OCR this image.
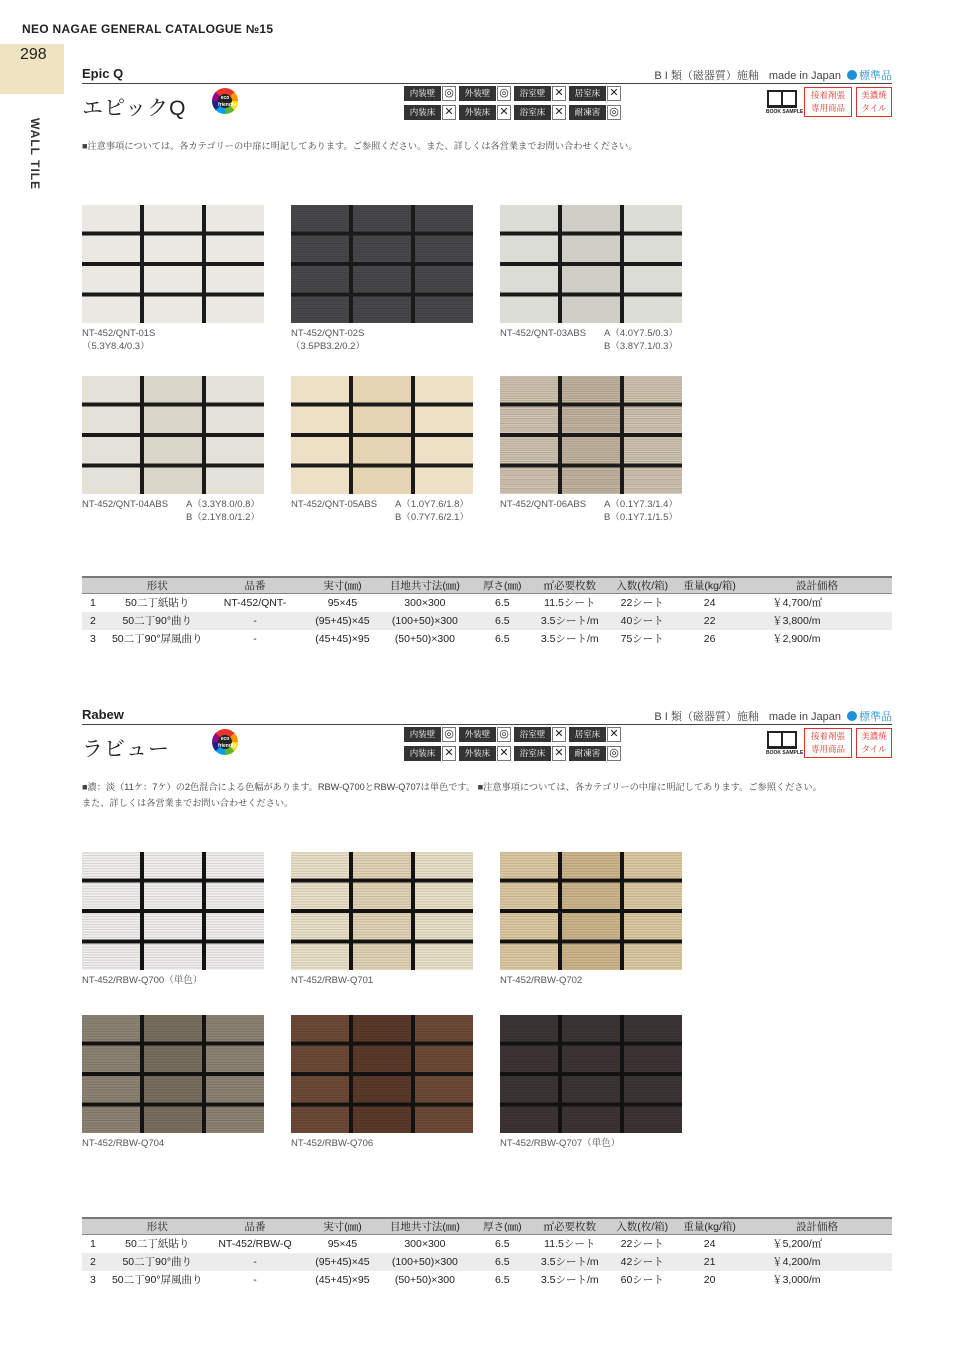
NEO NAGAE GENERAL CATALOGUE №15
298
WALL TILE
Epic Q	B I 類（磁器質）施釉 made in Japan 標準品
エピックQ	eco
friendly
内装壁 ◎	外装壁 ◎	浴室壁 ✕	居室床 ✕
内装床 ✕	外装床 ✕	浴室床 ✕	耐凍害 ◎	BOOK SAMPLE
接着剤張
専用商品
美濃焼
タイル
■注意事項については、各カテゴリーの中扉に明記してあります。ご参照ください。また、詳しくは各営業までお問い合わせください。
NT-452/QNT-01S
（5.3Y8.4/0.3）
NT-452/QNT-02S
（3.5PB3.2/0.2）
NT-452/QNT-03ABS A（4.0Y7.5/0.3）
B（3.8Y7.1/0.3）
NT-452/QNT-04ABS A（3.3Y8.0/0.8）
B（2.1Y8.0/1.2）
NT-452/QNT-05ABS A（1.0Y7.6/1.8）
B（0.7Y7.6/2.1）
NT-452/QNT-06ABS A（0.1Y7.3/1.4）
B（0.1Y7.1/1.5）
	形状	品番	実寸(㎜)	目地共寸法(㎜)	厚さ(㎜)	㎡必要枚数	入数(枚/箱)	重量(kg/箱)	設計価格
1	50二丁紙貼り	NT-452/QNT-	95×45	300×300	6.5	11.5シート	22シート	24	￥4,700/㎡
2	50二丁90°曲り	-	(95+45)×45	(100+50)×300	6.5	3.5シート/m	40シート	22	￥3,800/m
3	50二丁90°屏風曲り	-	(45+45)×95	(50+50)×300	6.5	3.5シート/m	75シート	26	￥2,900/m
Rabew	B I 類（磁器質）施釉 made in Japan 標準品
ラビュー	eco
friendly
内装壁 ◎	外装壁 ◎	浴室壁 ✕	居室床 ✕
内装床 ✕	外装床 ✕	浴室床 ✕	耐凍害 ◎	BOOK SAMPLE
接着剤張
専用商品
美濃焼
タイル
■濃：淡（11ケ：7ケ）の2色混合による色幅があります。RBW-Q700とRBW-Q707は単色です。 ■注意事項については、各カテゴリーの中扉に明記してあります。ご参照ください。
また、詳しくは各営業までお問い合わせください。
NT-452/RBW-Q700（単色）	NT-452/RBW-Q701	NT-452/RBW-Q702
NT-452/RBW-Q704	NT-452/RBW-Q706	NT-452/RBW-Q707（単色）
	形状	品番	実寸(㎜)	目地共寸法(㎜)	厚さ(㎜)	㎡必要枚数	入数(枚/箱)	重量(kg/箱)	設計価格
1	50二丁紙貼り	NT-452/RBW-Q	95×45	300×300	6.5	11.5シート	22シート	24	￥5,200/㎡
2	50二丁90°曲り	-	(95+45)×45	(100+50)×300	6.5	3.5シート/m	42シート	21	￥4,200/m
3	50二丁90°屏風曲り	-	(45+45)×95	(50+50)×300	6.5	3.5シート/m	60シート	20	￥3,000/m
